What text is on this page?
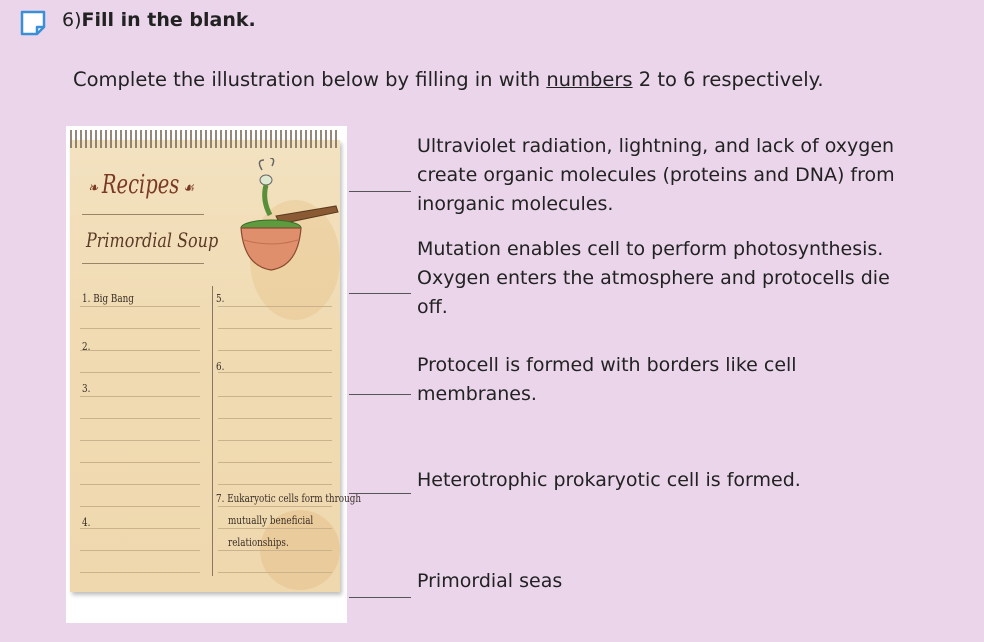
6)Fill in the blank.
Complete the illustration below by filling in with numbers 2 to 6 respectively.
❧ Recipes ☙
Primordial Soup
1. Big Bang
2.
3.
4.
5.
6.
7. Eukaryotic cells form through
mutually beneficial
relationships.
Ultraviolet radiation, lightning, and lack of oxygen
create organic molecules (proteins and DNA) from
inorganic molecules.
Mutation enables cell to perform photosynthesis.
Oxygen enters the atmosphere and protocells die
off.
Protocell is formed with borders like cell
membranes.
Heterotrophic prokaryotic cell is formed.
Primordial seas
